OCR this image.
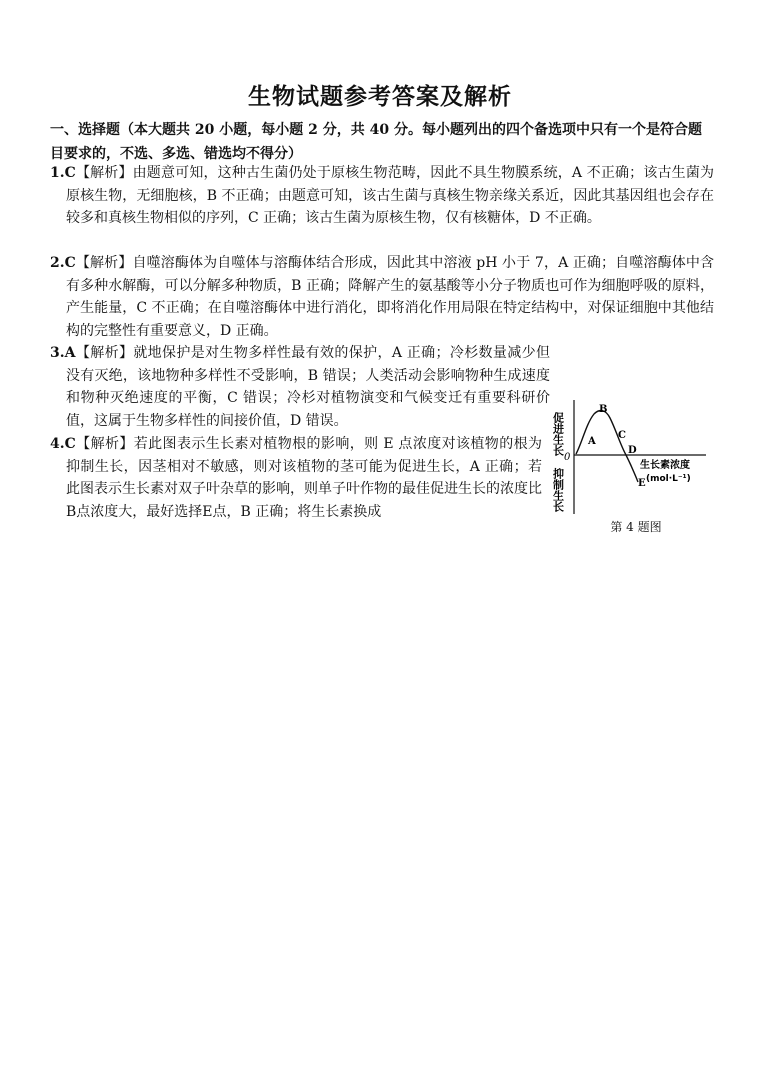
生物试题参考答案及解析
一、选择题（本大题共 20 小题，每小题 2 分，共 40 分。每小题列出的四个备选项中只有一个是符合题目要求的，不选、多选、错选均不得分）
1.C【解析】由题意可知，这种古生菌仍处于原核生物范畴，因此不具生物膜系统，A 不正确；该古生菌为原核生物，无细胞核，B 不正确；由题意可知，该古生菌与真核生物亲缘关系近，因此其基因组也会存在较多和真核生物相似的序列，C 正确；该古生菌为原核生物，仅有核糖体，D 不正确。
2.C【解析】自噬溶酶体为自噬体与溶酶体结合形成，因此其中溶液 pH 小于 7，A 正确；自噬溶酶体中含有多种水解酶，可以分解多种物质，B 正确；降解产生的氨基酸等小分子物质也可作为细胞呼吸的原料，产生能量，C 不正确；在自噬溶酶体中进行消化，即将消化作用局限在特定结构中，对保证细胞中其他结构的完整性有重要意义，D 正确。
3.A【解析】就地保护是对生物多样性最有效的保护，A 正确；冷杉数量减少但没有灭绝，该地物种多样性不受影响，B 错误；人类活动会影响物种生成速度和物种灭绝速度的平衡，C 错误；冷杉对植物演变和气候变迁有重要科研价值，这属于生物多样性的间接价值，D 错误。
4.C【解析】若此图表示生长素对植物根的影响，则 E 点浓度对该植物的根为抑制生长，因茎相对不敏感，则对该植物的茎可能为促进生长，A 正确；若此图表示生长素对双子叶杂草的影响，则单子叶作物的最佳促进生长的浓度比B点浓度大，最好选择E点，B 正确；将生长素换成
促进生长
0
抑制生长
A
B
C
D
E
生长素浓度
(mol·L⁻¹)
第 4 题图
